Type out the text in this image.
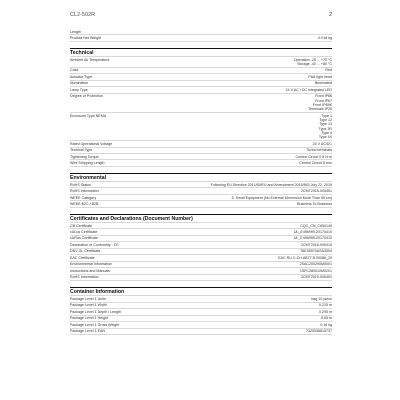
CL2-502R	2
Length
Product Net Weight	0.018 kg
Technical
Ambient Air Temperature	Operation -25 ... +70 °C
Storage -40 ... +80 °C
Color	Red
Actuator Type	Pilot light head
Illumination	Illuminated
Lamp Type	24 V AC / DC integrated LED
Degree of Protection	Front IP66
Front IP67
Front IP69K
Terminals IP20
Enclosure Type NEMA	Type 1
Type 12
Type 13
Type 3R
Type 4
Type 4X
Rated Operational Voltage	24 V AC/DC
Terminal Type	Screw terminals
Tightening Torque	Control Circuit 0.8 N·m
Wire Stripping Length	Control Circuit 8 mm
Environmental
RoHS Status	Following EU Directive 2011/65/EU and Amendment 2015/863 July 22, 2019
RoHS Information	2CMT2015-005451
WEEE Category	5. Small Equipment (No External Dimension More Than 50 cm)
WEEE B2C / B2B	Business To Business
Certificates and Declarations (Document Number)
CB Certificate	CQC_CN_C650149
cULus Certificate	UL_E496999-20170410
cURus Certificate	UL_E496999-20170410
Declaration of Conformity - CE	2CMT2016-005410
DNV GL Certificate	TAE00070ASA3004
EAC Certificate	EAC RU C-CH.AB77.B.00086_20
Environmental Information	2SAC200290M0001
Instructions and Manuals	1SFC280010M0201
RoHS Information	2CMT2015-005451
Container Information
Package Level 1 Units	bag 10 piece
Package Level 1 Width	0.215 m
Package Level 1 Depth / Length	0.295 m
Package Level 1 Height	0.05 m
Package Level 1 Gross Weight	0.18 kg
Package Level 1 EAN	7320536615737
